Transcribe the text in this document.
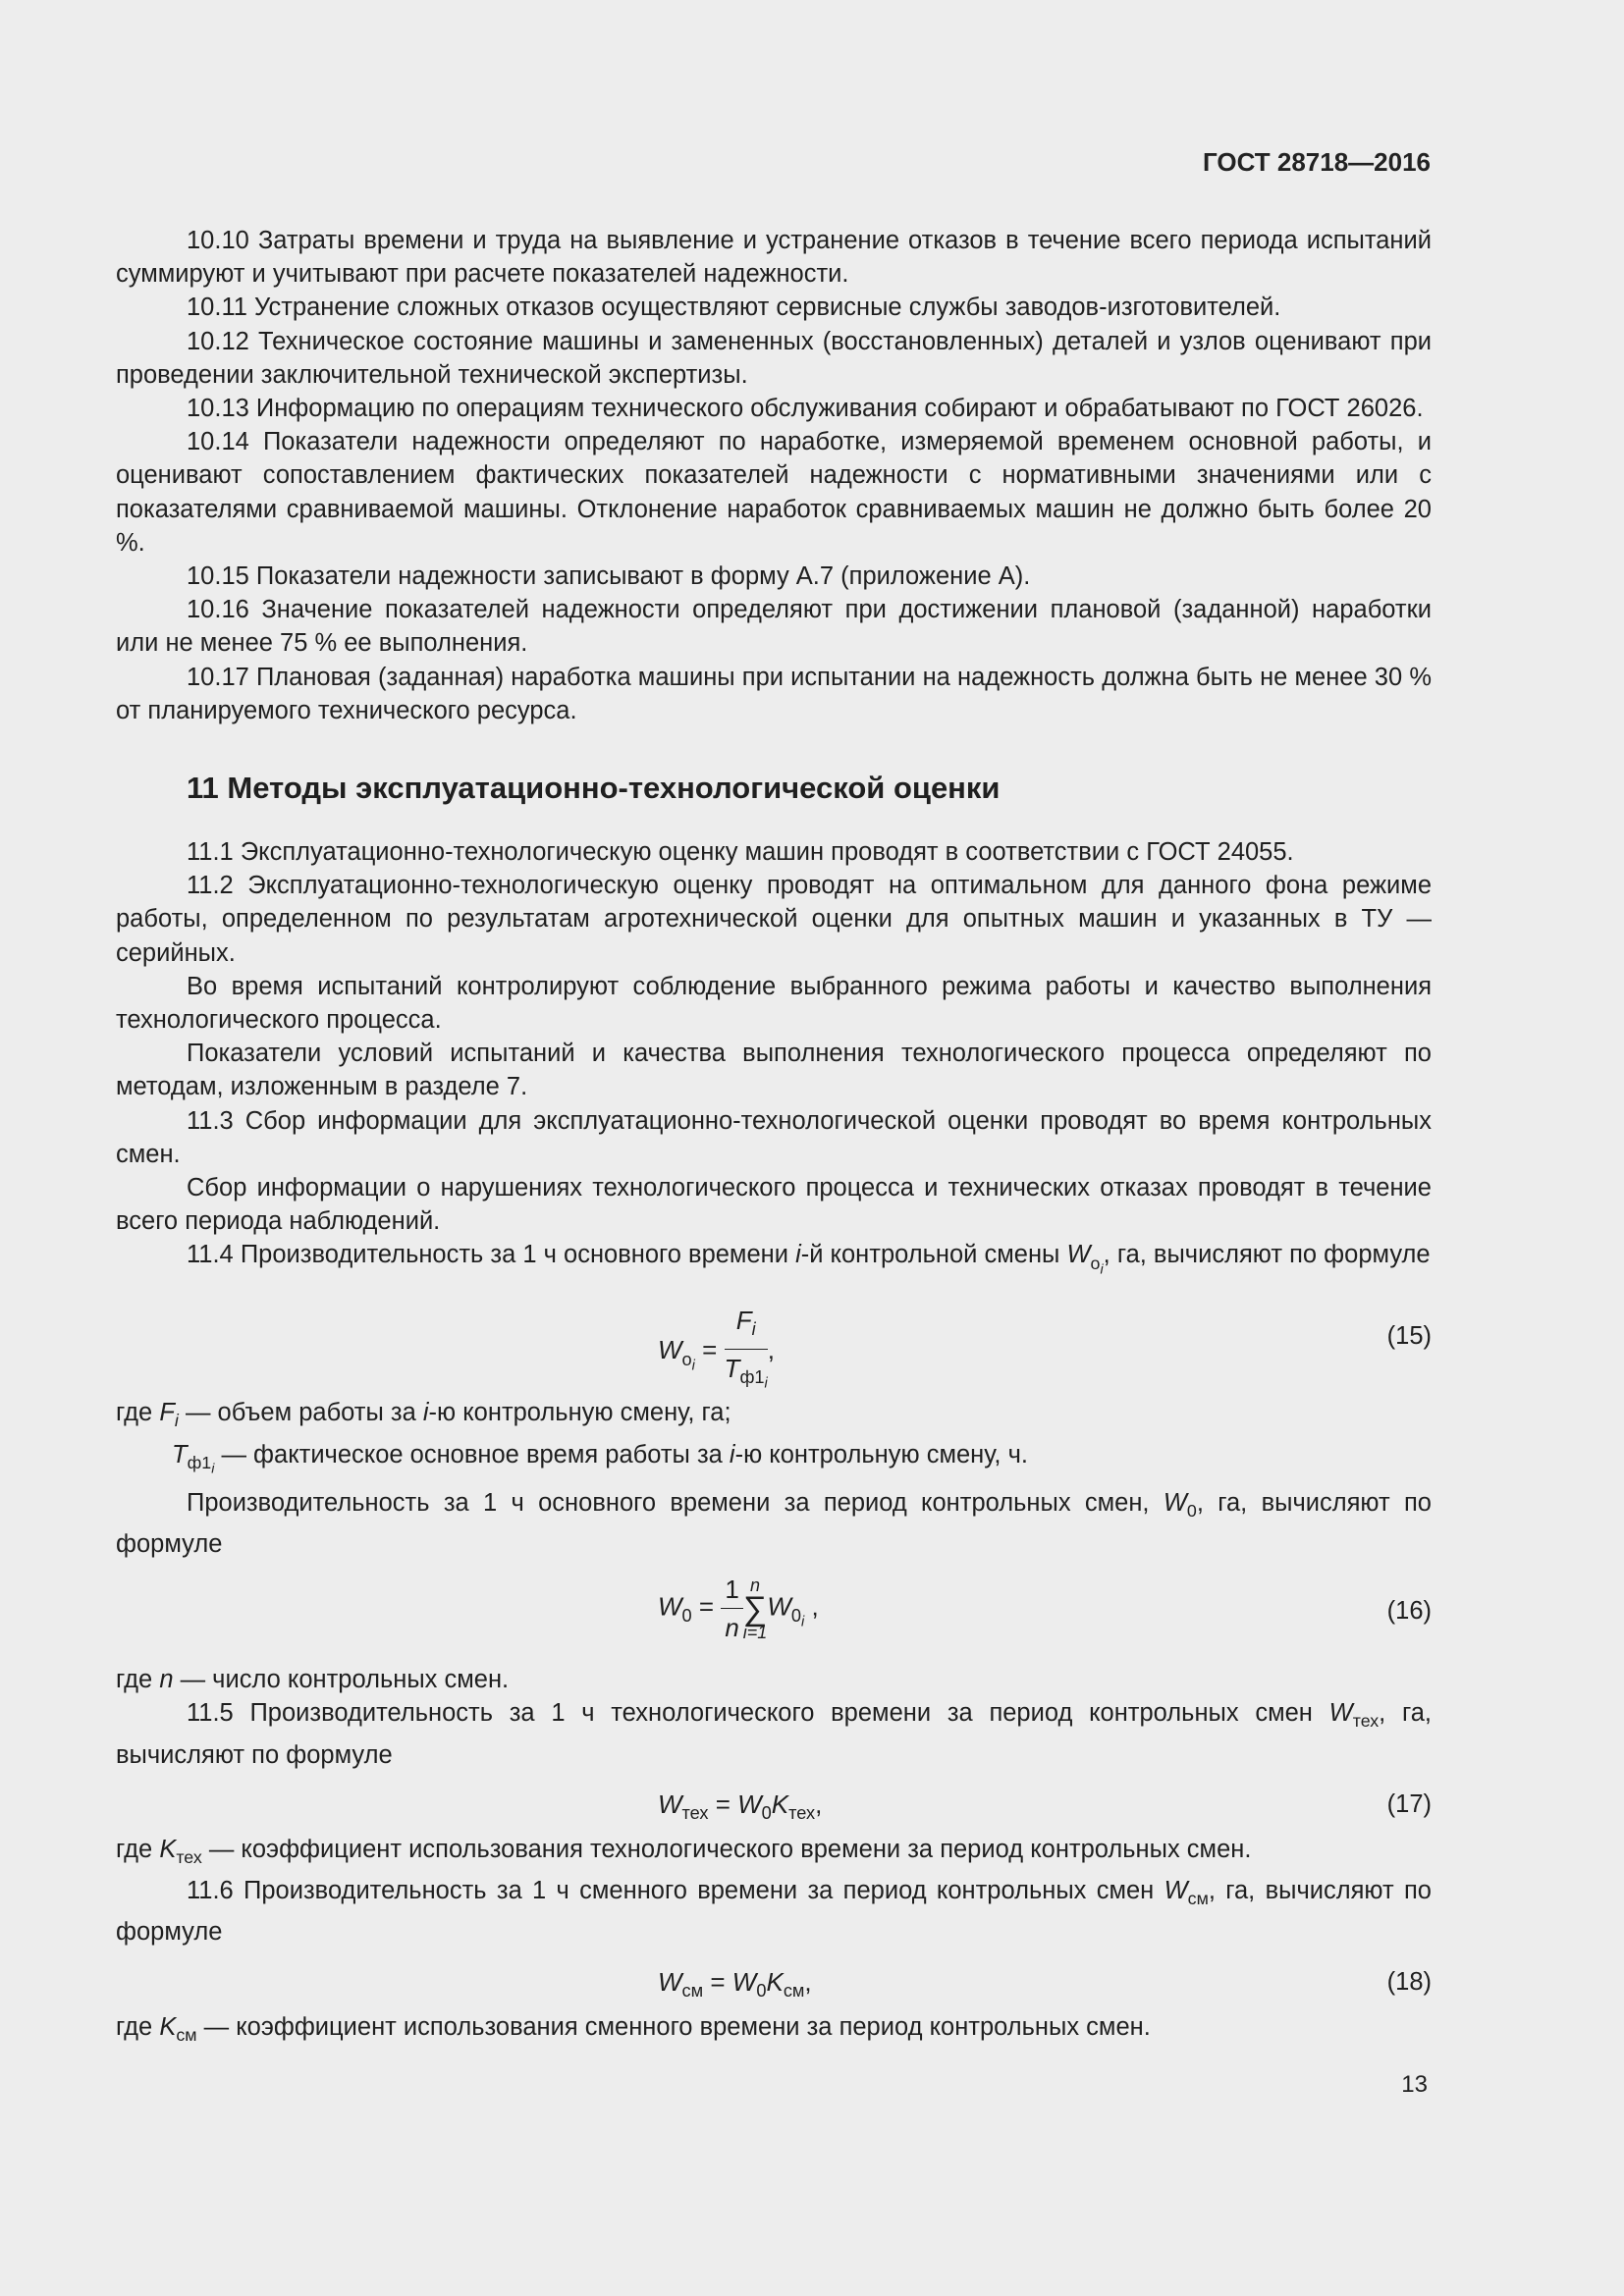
ГОСТ 28718—2016

10.10 Затраты времени и труда на выявление и устранение отказов в течение всего периода испытаний суммируют и учитывают при расчете показателей надежности.

10.11 Устранение сложных отказов осуществляют сервисные службы заводов-изготовителей.

10.12 Техническое состояние машины и замененных (восстановленных) деталей и узлов оценивают при проведении заключительной технической экспертизы.

10.13 Информацию по операциям технического обслуживания собирают и обрабатывают по ГОСТ 26026.

10.14 Показатели надежности определяют по наработке, измеряемой временем основной работы, и оценивают сопоставлением фактических показателей надежности с нормативными значениями или с показателями сравниваемой машины. Отклонение наработок сравниваемых машин не должно быть более 20 %.

10.15 Показатели надежности записывают в форму А.7 (приложение А).

10.16 Значение показателей надежности определяют при достижении плановой (заданной) наработки или не менее 75 % ее выполнения.

10.17 Плановая (заданная) наработка машины при испытании на надежность должна быть не менее 30 % от планируемого технического ресурса.

11 Методы эксплуатационно-технологической оценки

11.1 Эксплуатационно-технологическую оценку машин проводят в соответствии с ГОСТ 24055.

11.2 Эксплуатационно-технологическую оценку проводят на оптимальном для данного фона режиме работы, определенном по результатам агротехнической оценки для опытных машин и указанных в ТУ — серийных.

Во время испытаний контролируют соблюдение выбранного режима работы и качество выполнения технологического процесса.

Показатели условий испытаний и качества выполнения технологического процесса определяют по методам, изложенным в разделе 7.

11.3 Сбор информации для эксплуатационно-технологической оценки проводят во время контрольных смен.

Сбор информации о нарушениях технологического процесса и технических отказах проводят в течение всего периода наблюдений.

11.4 Производительность за 1 ч основного времени i-й контрольной смены $W_{о_i}$, га, вычисляют по формуле

$W_{о_i} = \frac{F_i}{T_{ф1_i}}$ ,	(15)

где $F_i$ — объем работы за i-ю контрольную смену, га;

$T_{ф1_i}$ — фактическое основное время работы за i-ю контрольную смену, ч.

Производительность за 1 ч основного времени за период контрольных смен, $W_0$, га, вычисляют по формуле

$W_0 = \frac{1}{n}$ n
∑
i=1
$W_{0_i}$ ,	(16)

где n — число контрольных смен.

11.5 Производительность за 1 ч технологического времени за период контрольных смен $W_{тех}$, га, вычисляют по формуле

$W_{тех} = W_0K_{тех}$,	(17)

где $K_{тех}$ — коэффициент использования технологического времени за период контрольных смен.

11.6 Производительность за 1 ч сменного времени за период контрольных смен $W_{см}$, га, вычисляют по формуле

$W_{см} = W_0K_{см}$,	(18)

где $K_{см}$ — коэффициент использования сменного времени за период контрольных смен.

13
